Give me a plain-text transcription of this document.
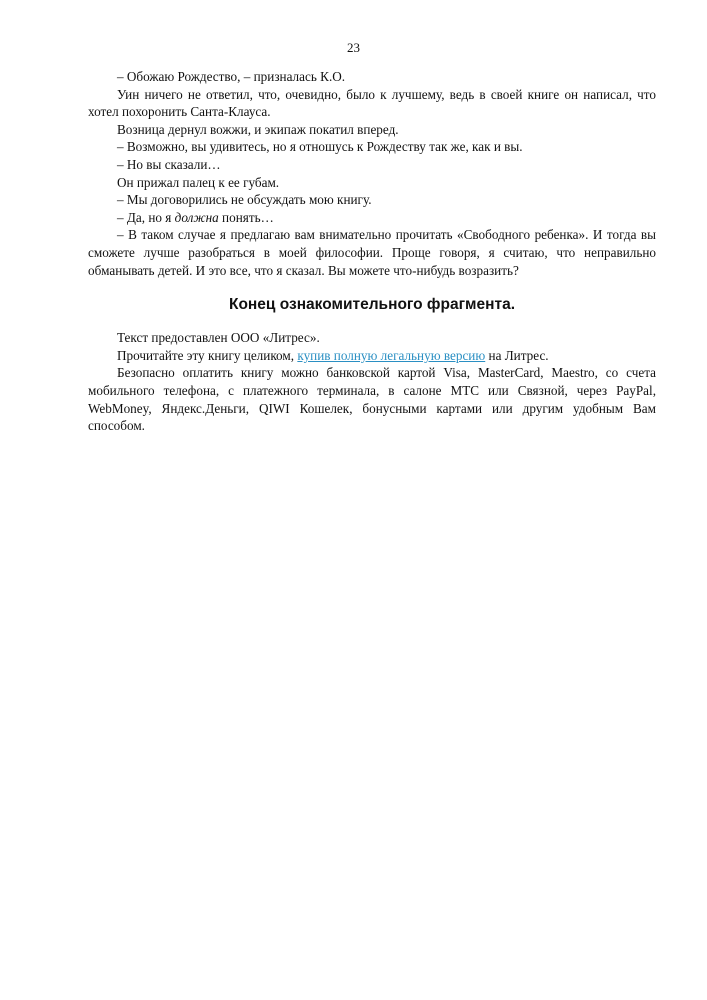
23

– Обожаю Рождество, – призналась К.О.

Уин ничего не ответил, что, очевидно, было к лучшему, ведь в своей книге он написал, что хотел похоронить Санта-Клауса.

Возница дернул вожжи, и экипаж покатил вперед.

– Возможно, вы удивитесь, но я отношусь к Рождеству так же, как и вы.

– Но вы сказали…

Он прижал палец к ее губам.

– Мы договорились не обсуждать мою книгу.

– Да, но я должна понять…

– В таком случае я предлагаю вам внимательно прочитать «Свободного ребенка». И тогда вы сможете лучше разобраться в моей философии. Проще говоря, я считаю, что неправильно обманывать детей. И это все, что я сказал. Вы можете что-нибудь возразить?

Конец ознакомительного фрагмента.

Текст предоставлен ООО «Литрес».

Прочитайте эту книгу целиком, купив полную легальную версию на Литрес.

Безопасно оплатить книгу можно банковской картой Visa, MasterCard, Maestro, со счета мобильного телефона, с платежного терминала, в салоне МТС или Связной, через PayPal, WebMoney, Яндекс.Деньги, QIWI Кошелек, бонусными картами или другим удобным Вам способом.
